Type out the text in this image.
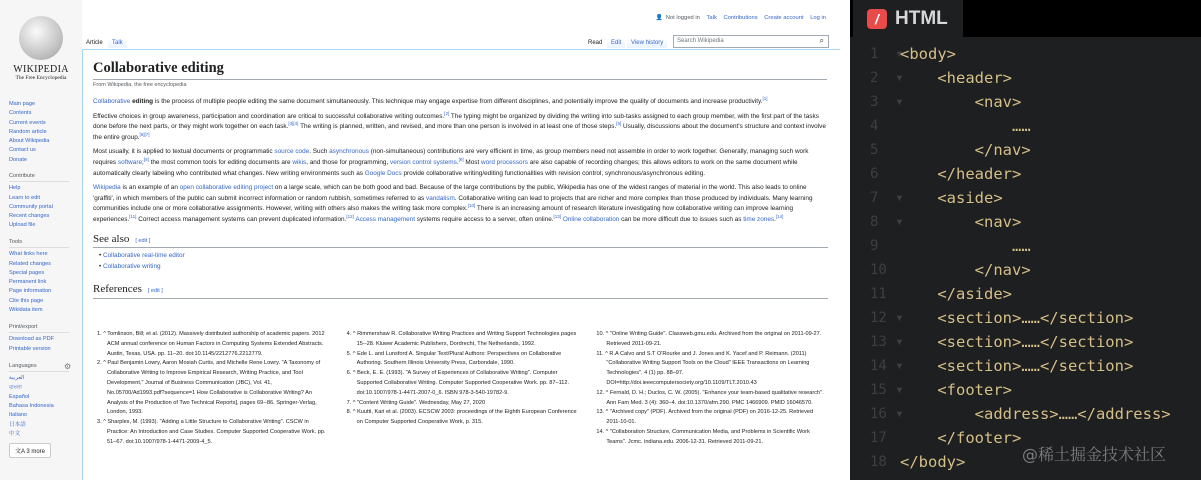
WIKIPEDIA
The Free Encyclopedia
Main page
Contents
Current events
Random article
About Wikipedia
Contact us
Donate
Contribute
Help
Learn to edit
Community portal
Recent changes
Upload file
Tools
What links here
Related changes
Special pages
Permanent link
Page information
Cite this page
Wikidata item
Print/export
Download as PDF
Printable version
Languages
العربية
বাংলা
Español
Bahasa Indonesia
Italiano
日本語
中文
⚙
文A 3 more
👤 Not logged in Talk Contributions Create account Log in
Article	Talk	Read	Edit	View history	Search Wikipedia	⌕
Collaborative editing
From Wikipedia, the free encyclopedia

Collaborative editing is the process of multiple people editing the same document simultaneously. This technique may engage expertise from different disciplines, and potentially improve the quality of documents and increase productivity.[1]

Effective choices in group awareness, participation and coordination are critical to successful collaborative writing outcomes.[2] The typing might be organized by dividing the writing into sub-tasks assigned to each group member, with the first part of the tasks done before the next parts, or they might work together on each task.[3][4] The writing is planned, written, and revised, and more than one person is involved in at least one of those steps.[5] Usually, discussions about the document's structure and context involve the entire group.[6][7]

Most usually, it is applied to textual documents or programmatic source code. Such asynchronous (non-simultaneous) contributions are very efficient in time, as group members need not assemble in order to work together. Generally, managing such work requires software;[8] the most common tools for editing documents are wikis, and those for programming, version control systems.[9] Most word processors are also capable of recording changes; this allows editors to work on the same document while automatically clearly labeling who contributed what changes. New writing environments such as Google Docs provide collaborative writing/editing functionalities with revision control, synchronous/asynchronous editing.

Wikipedia is an example of an open collaborative editing project on a large scale, which can be both good and bad. Because of the large contributions by the public, Wikipedia has one of the widest ranges of material in the world. This also leads to online 'graffiti', in which members of the public can submit incorrect information or random rubbish, sometimes referred to as vandalism. Collaborative writing can lead to projects that are richer and more complex than those produced by individuals. Many learning communities include one or more collaborative assignments. However, writing with others also makes the writing task more complex.[10] There is an increasing amount of research literature investigating how collaborative writing can improve learning experiences.[11] Correct access management systems can prevent duplicated information.[12] Access management systems require access to a server, often online.[13] Online collaboration can be more difficult due to issues such as time zones.[14]

See also [ edit ]
• Collaborative real-time editor
• Collaborative writing
References [ edit ]
1. ^ Tomlinson, Bill; et al. (2012). Massively distributed authorship of academic papers. 2012 ACM annual conference on Human Factors in Computing Systems Extended Abstracts. Austin, Texas, USA. pp. 11–20. doi:10.1145/2212776.2212779.
2. ^ Paul Benjamin Lowry, Aaron Mosiah Curtis, and Michelle Rene Lowry. "A Taxonomy of Collaborative Writing to Improve Empirical Research, Writing Practice, and Tool Development," Journal of Business Communication (JBC), Vol. 41, No.05700/Ad1993.pdf?sequence=1 How Collaborative is Collaborative Writing? An Analysis of the Production of Two Technical Reports], pages 69--86. Springer-Verlag, London, 1993.
3. ^ Sharples, M. (1993). "Adding a Little Structure to Collaborative Writing". CSCW in Practice: An Introduction and Case Studies. Computer Supported Cooperative Work. pp. 51–67. doi:10.1007/978-1-4471-2009-4_5.
4. ^ Rimmershaw R. Collaborative Writing Practices and Writing Support Technologies pages 15--28. Kluwer Academic Publishers, Dordrecht, The Netherlands, 1992.
5. ^ Ede L. and Lunsford A. Singular Text/Plural Authors: Perspectives on Collaborative Authoring. Southern Illinois University Press, Carbondale, 1990.
6. ^ Beck, E. E. (1993). "A Survey of Experiences of Collaborative Writing". Computer Supported Collaborative Writing. Computer Supported Cooperative Work. pp. 87–112. doi:10.1007/978-1-4471-2007-0_6. ISBN 978-3-540-19782-9.
7. ^ "Content Writing Guide". Wednesday, May 27, 2020
8. ^ Kuutti, Kari et al. (2003). ECSCW 2003: proceedings of the Eighth European Conference on Computer Supported Cooperative Work, p. 315.
10. ^ "Online Writing Guide". Classweb.gmu.edu. Archived from the original on 2011-09-27. Retrieved 2011-09-21.
11. ^ R.A Calvo and S.T O'Rourke and J. Jones and K. Yacef and P. Reimann. (2011) "Collaborative Writing Support Tools on the Cloud" IEEE Transactions on Learning Technologies". 4 (1) pp. 88–97. DOI=http://doi.ieeecomputersociety.org/10.1109/TLT.2010.43
12. ^ Fernald, D. H.; Duclos, C. W. (2005). "Enhance your team-based qualitative research". Ann Fam Med. 3 (4): 360–4. doi:10.1370/afm.290. PMC 1466909. PMID 16046570.
13. ^ "Archived copy" (PDF). Archived from the original (PDF) on 2016-12-25. Retrieved 2011-10-01.
14. ^ "Collaboration Structure, Communication Media, and Problems in Scientific Work Teams". Jcmc. indiana.edu. 2006-12-31. Retrieved 2011-09-21.
/ HTML
1  ▾
<body>
2  ▾
<header>
3  ▾
<nav>
4
……
5
</nav>
6
</header>
7  ▾
<aside>
8  ▾
<nav>
9
……
10
</nav>
11
</aside>
12 ▾
<section>……</section>
13 ▾
<section>……</section>
14 ▾
<section>……</section>
15 ▾
<footer>
16 ▾
<address>……</address>
17
</footer>
18
</body>	@稀土掘金技术社区
